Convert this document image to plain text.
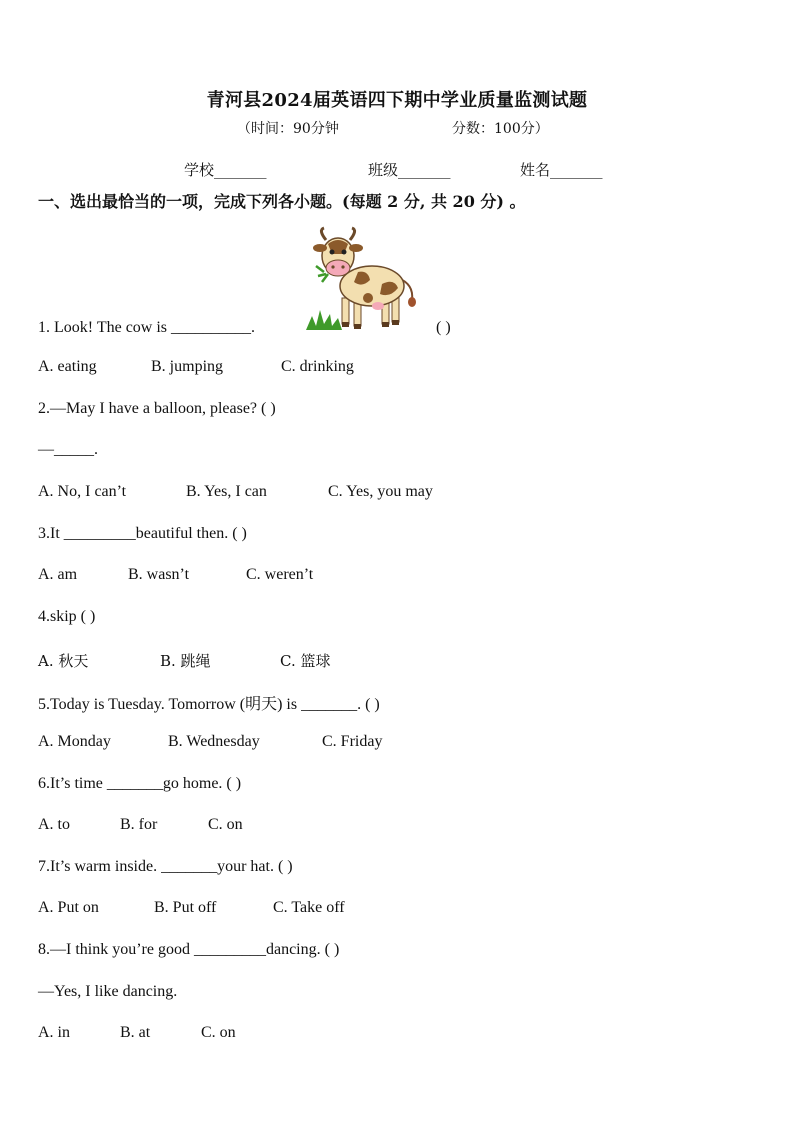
青河县2024届英语四下期中学业质量监测试题
（时间：90分钟	分数：100分）
学校_______	班级_______	姓名_______
一、选出最恰当的一项，完成下列各小题。(每题 2 分, 共 20 分) 。
1. Look! The cow is __________.	( )
A. eating	B. jumping	C. drinking
2.—May I have a balloon, please? ( )
—_____.
A. No, I can’t	B. Yes, I can	C. Yes, you may
3.It _________beautiful then. ( )
A. am	B. wasn’t	C. weren’t
4.skip ( )
A. 秋天	B. 跳绳	C. 篮球
5.Today is Tuesday. Tomorrow (明天) is _______. ( )
A. Monday	B. Wednesday	C. Friday
6.It’s time _______go home. ( )
A. to	B. for	C. on
7.It’s warm inside. _______your hat. ( )
A. Put on	B. Put off	C. Take off
8.—I think you’re good _________dancing. ( )
—Yes, I like dancing.
A. in	B. at	C. on
